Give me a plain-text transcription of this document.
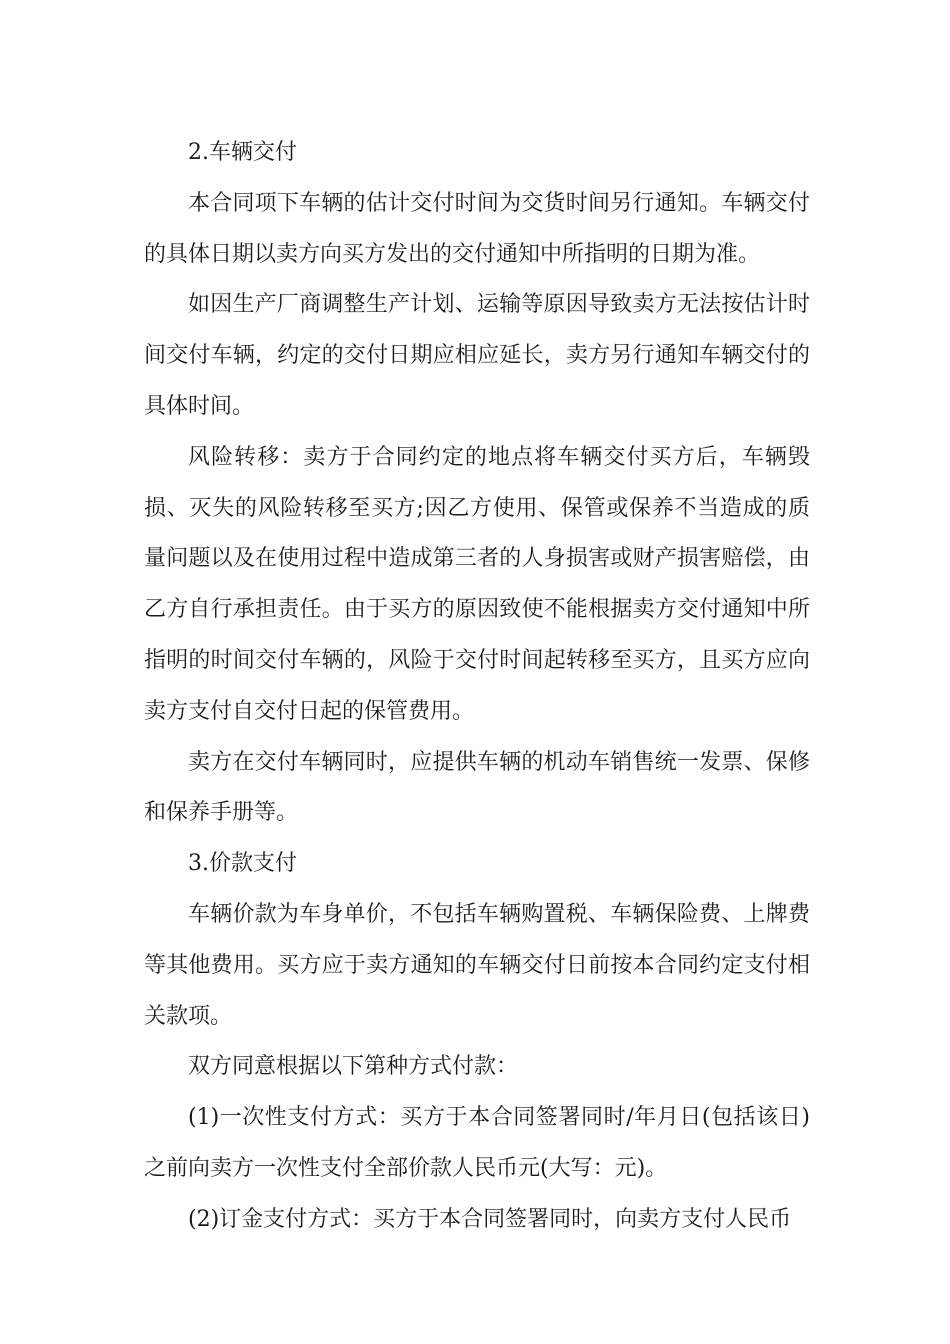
2.车辆交付

本合同项下车辆的估计交付时间为交货时间另行通知。车辆交付的具体日期以卖方向买方发出的交付通知中所指明的日期为准。

如因生产厂商调整生产计划、运输等原因导致卖方无法按估计时间交付车辆，约定的交付日期应相应延长，卖方另行通知车辆交付的具体时间。

风险转移：卖方于合同约定的地点将车辆交付买方后，车辆毁损、灭失的风险转移至买方;因乙方使用、保管或保养不当造成的质量问题以及在使用过程中造成第三者的人身损害或财产损害赔偿，由乙方自行承担责任。由于买方的原因致使不能根据卖方交付通知中所指明的时间交付车辆的，风险于交付时间起转移至买方，且买方应向卖方支付自交付日起的保管费用。

卖方在交付车辆同时，应提供车辆的机动车销售统一发票、保修和保养手册等。

3.价款支付

车辆价款为车身单价，不包括车辆购置税、车辆保险费、上牌费等其他费用。买方应于卖方通知的车辆交付日前按本合同约定支付相关款项。

双方同意根据以下第种方式付款：

(1)一次性支付方式：买方于本合同签署同时/年月日(包括该日)之前向卖方一次性支付全部价款人民币元(大写：元)。

(2)订金支付方式：买方于本合同签署同时，向卖方支付人民币
